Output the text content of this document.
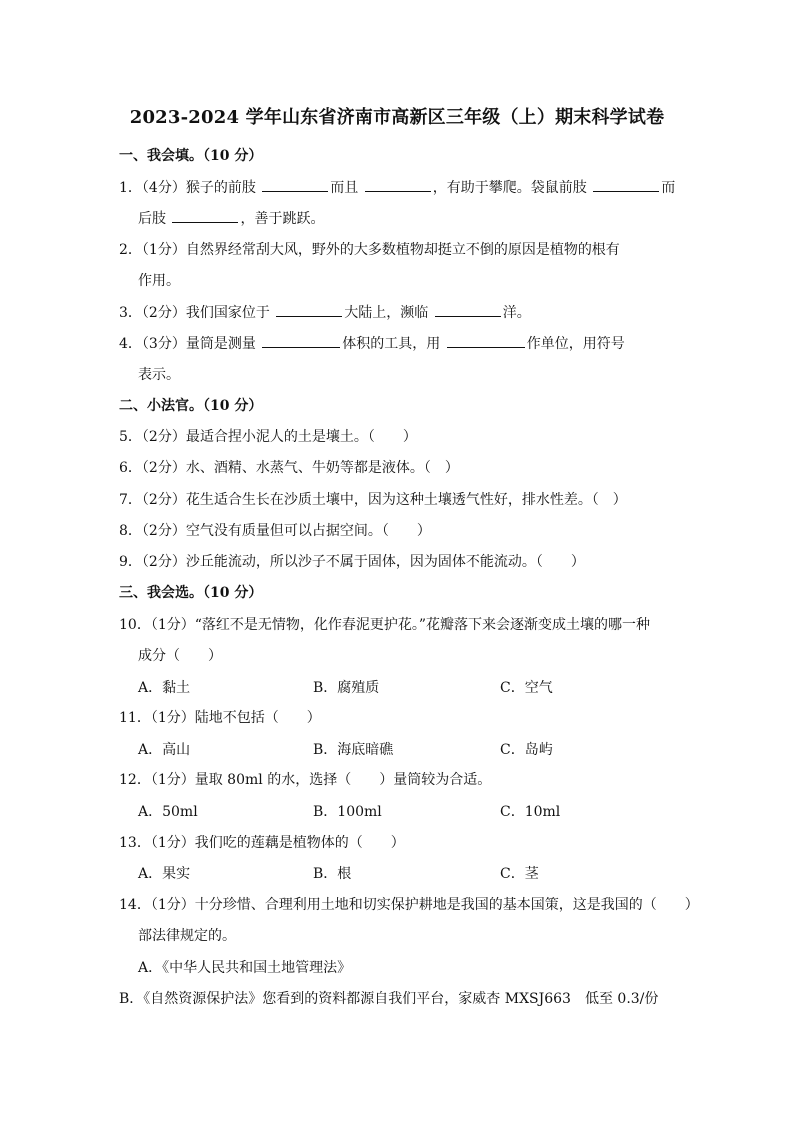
2023-2024 学年山东省济南市高新区三年级（上）期末科学试卷
一、我会填。（10 分）
1．（4分）猴子的前肢	而且	，有助于攀爬。袋鼠前肢	而
后肢	，善于跳跃。
2．（1分）自然界经常刮大风，野外的大多数植物却挺立不倒的原因是植物的根有
作用。
3．（2分）我们国家位于	大陆上，濒临	洋。
4．（3分）量筒是测量	体积的工具，用	作单位，用符号
表示。
二、小法官。（10 分）
5．（2分）最适合捏小泥人的土是壤土。（　　）
6．（2分）水、酒精、水蒸气、牛奶等都是液体。（　）
7．（2分）花生适合生长在沙质土壤中，因为这种土壤透气性好，排水性差。（　）
8．（2分）空气没有质量但可以占据空间。（　　）
9．（2分）沙丘能流动，所以沙子不属于固体，因为固体不能流动。（　　）
三、我会选。（10 分）
10．（1分）“落红不是无情物，化作春泥更护花。”花瓣落下来会逐渐变成土壤的哪一种
成分（　　）
A．黏土	B．腐殖质	C．空气
11．（1分）陆地不包括（　　）
A．高山	B．海底暗礁	C．岛屿
12．（1分）量取 80ml 的水，选择（　　）量筒较为合适。
A．50ml	B．100ml	C．10ml
13．（1分）我们吃的莲藕是植物体的（　　）
A．果实	B．根	C．茎
14．（1分）十分珍惜、合理利用土地和切实保护耕地是我国的基本国策，这是我国的（　　）
部法律规定的。
A．《中华人民共和国土地管理法》
B．《自然资源保护法》您看到的资料都源自我们平台，家威杏 MXSJ663　低至 0.3/份
